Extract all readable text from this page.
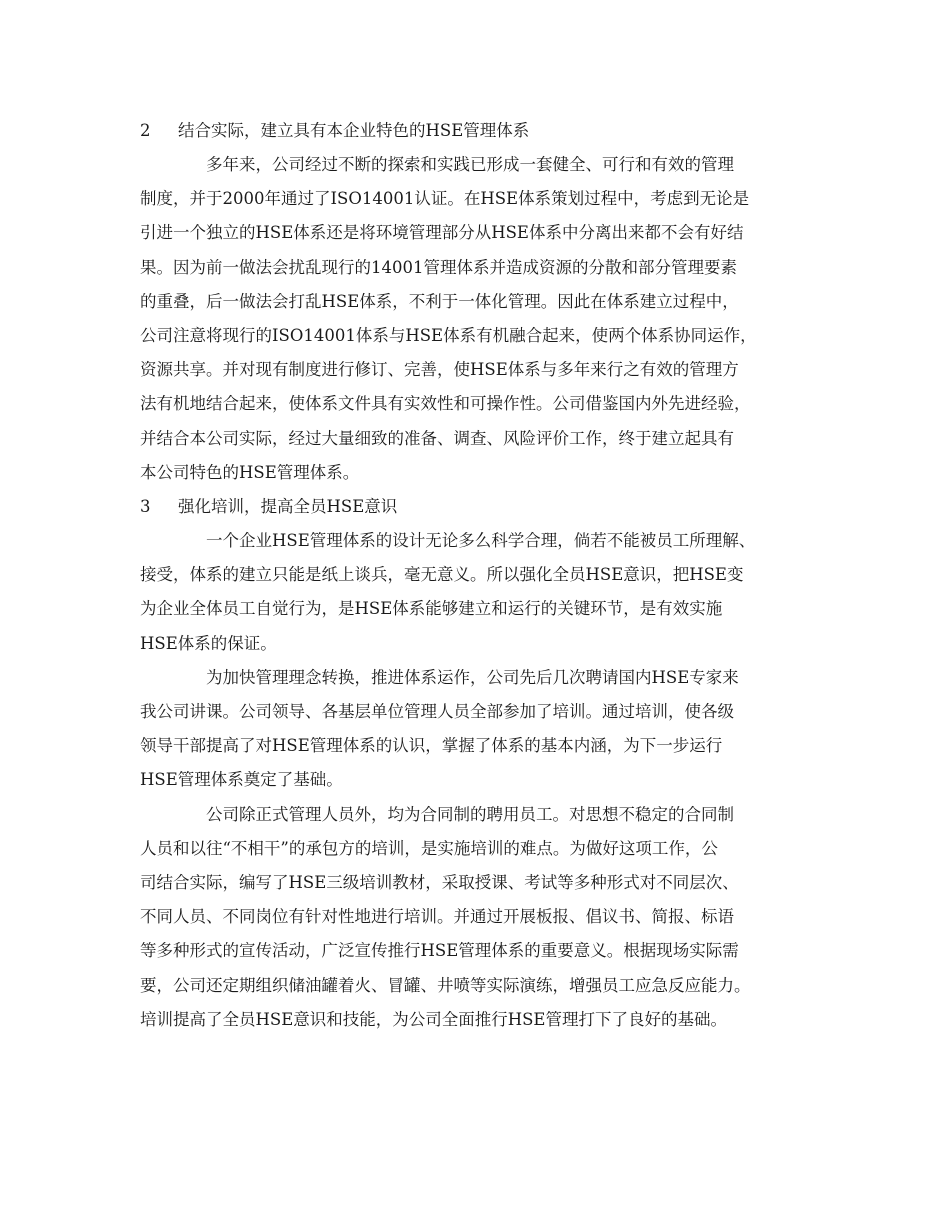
2	结合实际，建立具有本企业特色的HSE管理体系

多年来，公司经过不断的探索和实践已形成一套健全、可行和有效的管理

制度，并于2000年通过了ISO14001认证。在HSE体系策划过程中，考虑到无论是

引进一个独立的HSE体系还是将环境管理部分从HSE体系中分离出来都不会有好结

果。因为前一做法会扰乱现行的14001管理体系并造成资源的分散和部分管理要素

的重叠，后一做法会打乱HSE体系，不利于一体化管理。因此在体系建立过程中，

公司注意将现行的ISO14001体系与HSE体系有机融合起来，使两个体系协同运作，

资源共享。并对现有制度进行修订、完善，使HSE体系与多年来行之有效的管理方

法有机地结合起来，使体系文件具有实效性和可操作性。公司借鉴国内外先进经验，

并结合本公司实际，经过大量细致的准备、调查、风险评价工作，终于建立起具有

本公司特色的HSE管理体系。

3	强化培训，提高全员HSE意识

一个企业HSE管理体系的设计无论多么科学合理，倘若不能被员工所理解、

接受，体系的建立只能是纸上谈兵，毫无意义。所以强化全员HSE意识，把HSE变

为企业全体员工自觉行为，是HSE体系能够建立和运行的关键环节，是有效实施

HSE体系的保证。

为加快管理理念转换，推进体系运作，公司先后几次聘请国内HSE专家来

我公司讲课。公司领导、各基层单位管理人员全部参加了培训。通过培训，使各级

领导干部提高了对HSE管理体系的认识，掌握了体系的基本内涵，为下一步运行

HSE管理体系奠定了基础。

公司除正式管理人员外，均为合同制的聘用员工。对思想不稳定的合同制

人员和以往“不相干”的承包方的培训，是实施培训的难点。为做好这项工作，公

司结合实际，编写了HSE三级培训教材，采取授课、考试等多种形式对不同层次、

不同人员、不同岗位有针对性地进行培训。并通过开展板报、倡议书、简报、标语

等多种形式的宣传活动，广泛宣传推行HSE管理体系的重要意义。根据现场实际需

要，公司还定期组织储油罐着火、冒罐、井喷等实际演练，增强员工应急反应能力。

培训提高了全员HSE意识和技能，为公司全面推行HSE管理打下了良好的基础。
